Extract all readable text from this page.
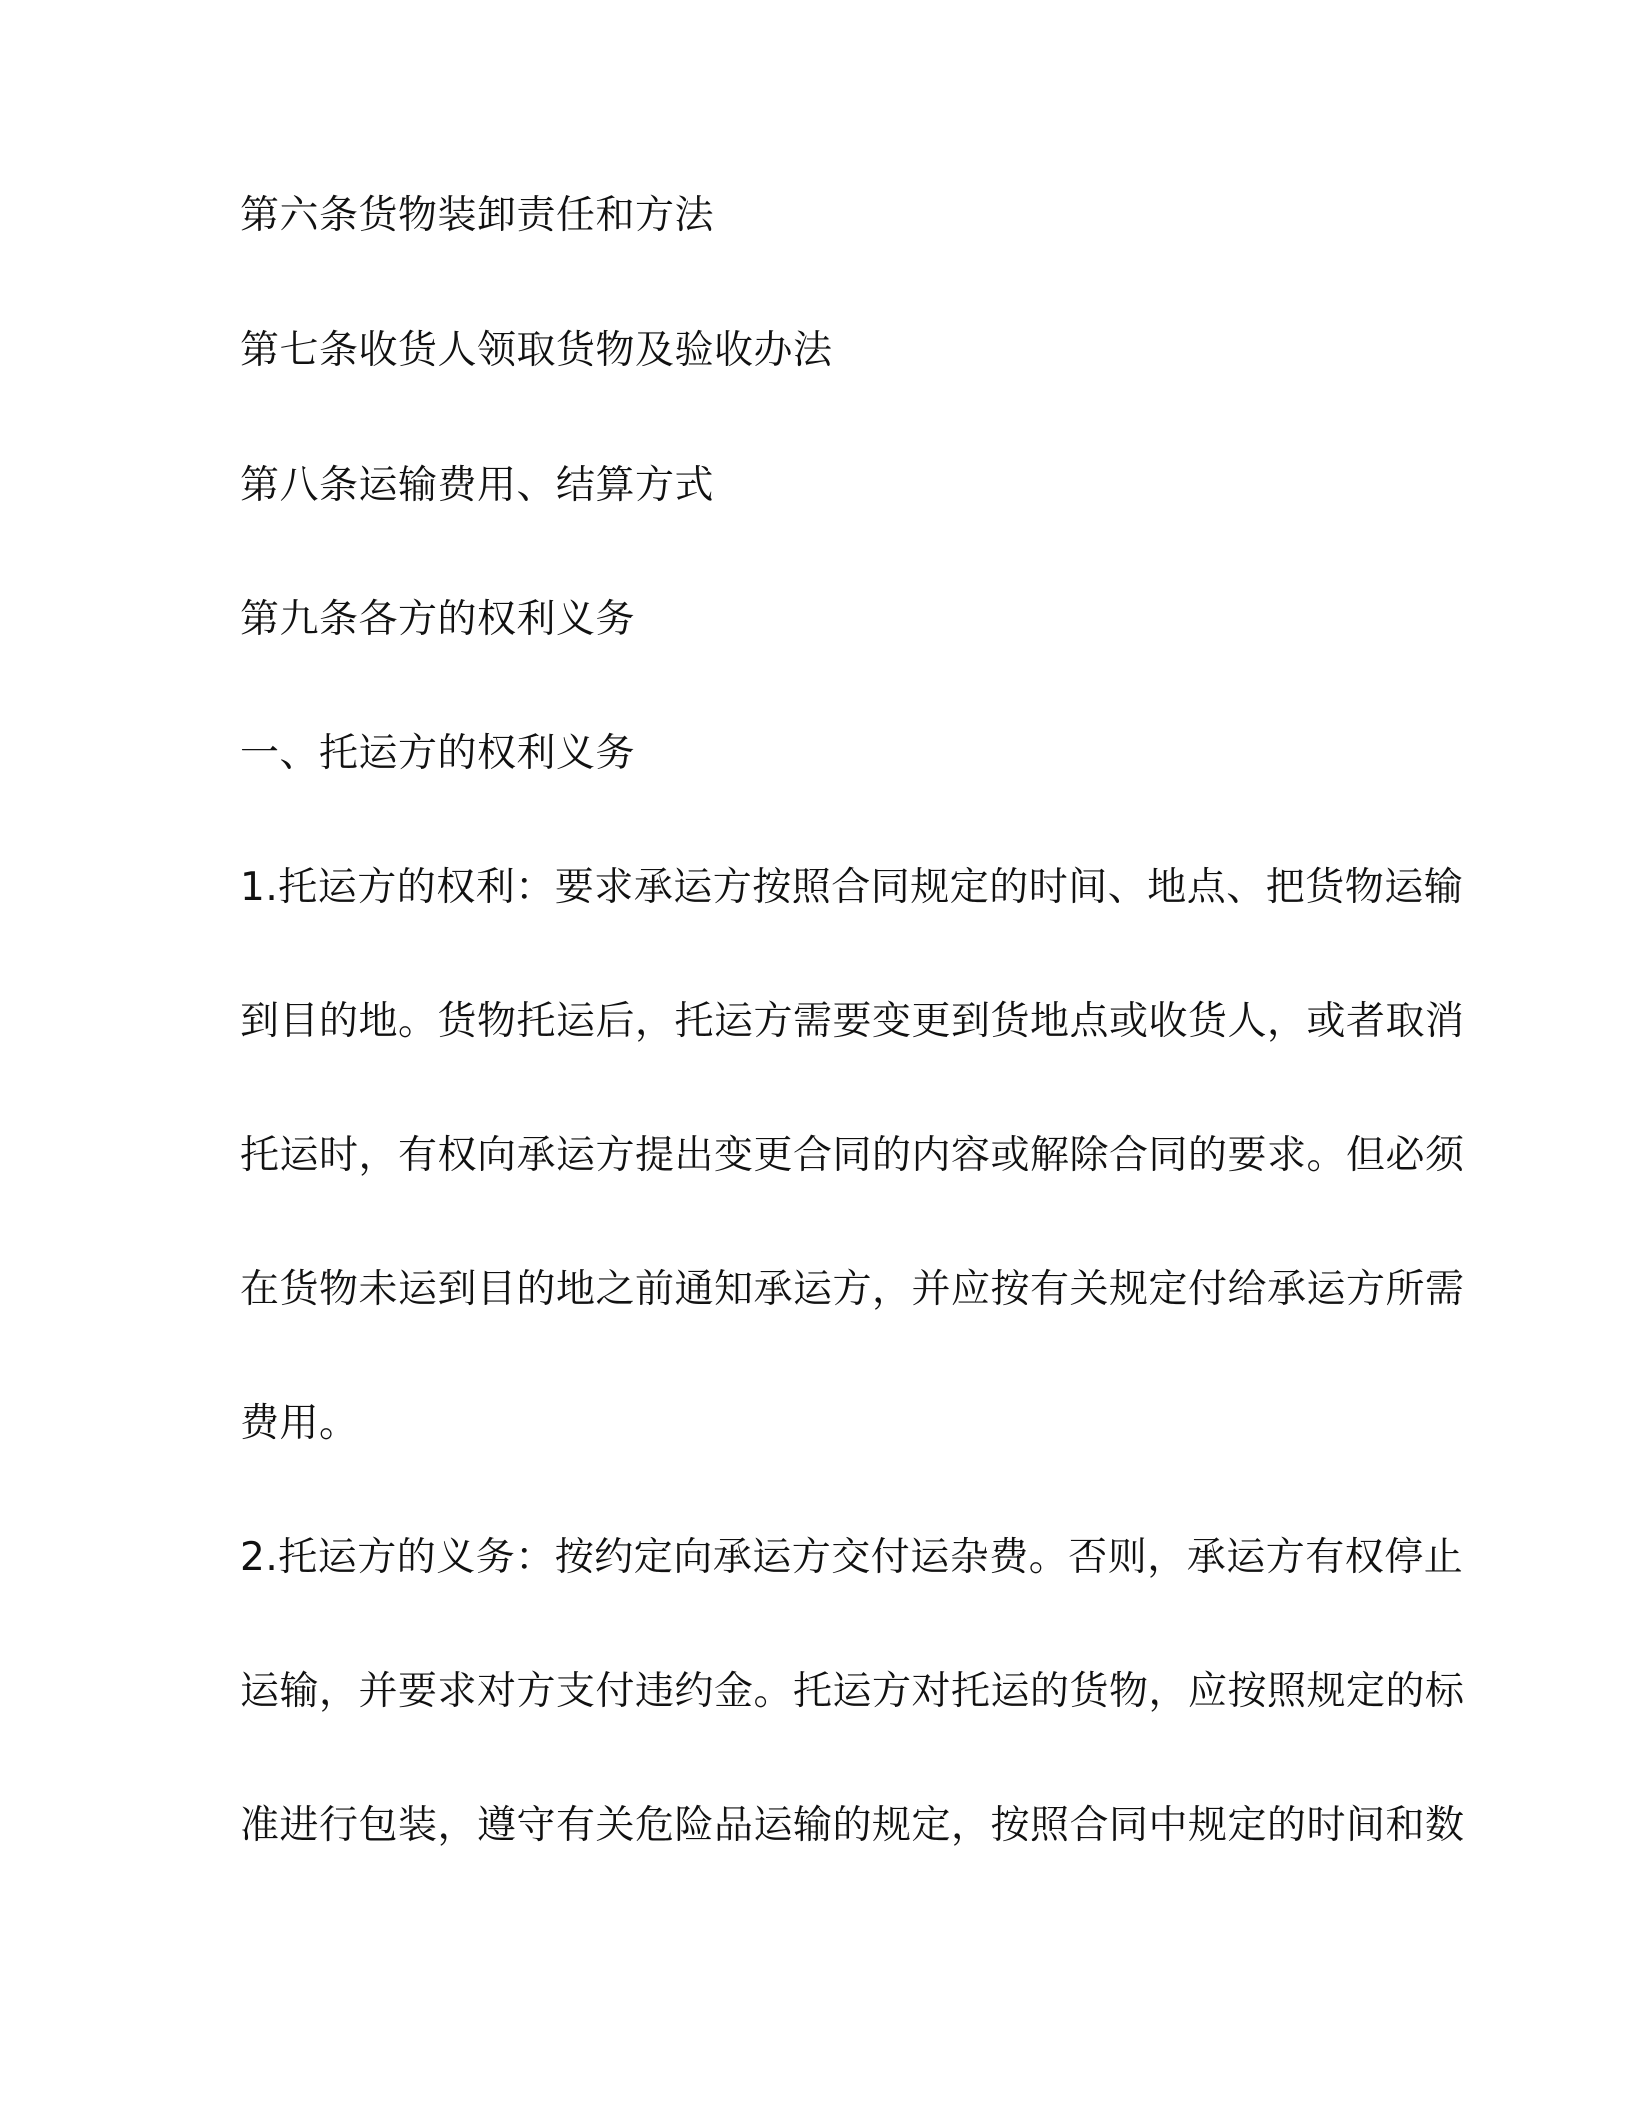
第六条货物装卸责任和方法
第七条收货人领取货物及验收办法
第八条运输费用、结算方式
第九条各方的权利义务
一、托运方的权利义务
1.托运方的权利：要求承运方按照合同规定的时间、地点、把货物运输
到目的地。货物托运后，托运方需要变更到货地点或收货人，或者取消
托运时，有权向承运方提出变更合同的内容或解除合同的要求。但必须
在货物未运到目的地之前通知承运方，并应按有关规定付给承运方所需
费用。
2.托运方的义务：按约定向承运方交付运杂费。否则，承运方有权停止
运输，并要求对方支付违约金。托运方对托运的货物，应按照规定的标
准进行包装，遵守有关危险品运输的规定，按照合同中规定的时间和数
